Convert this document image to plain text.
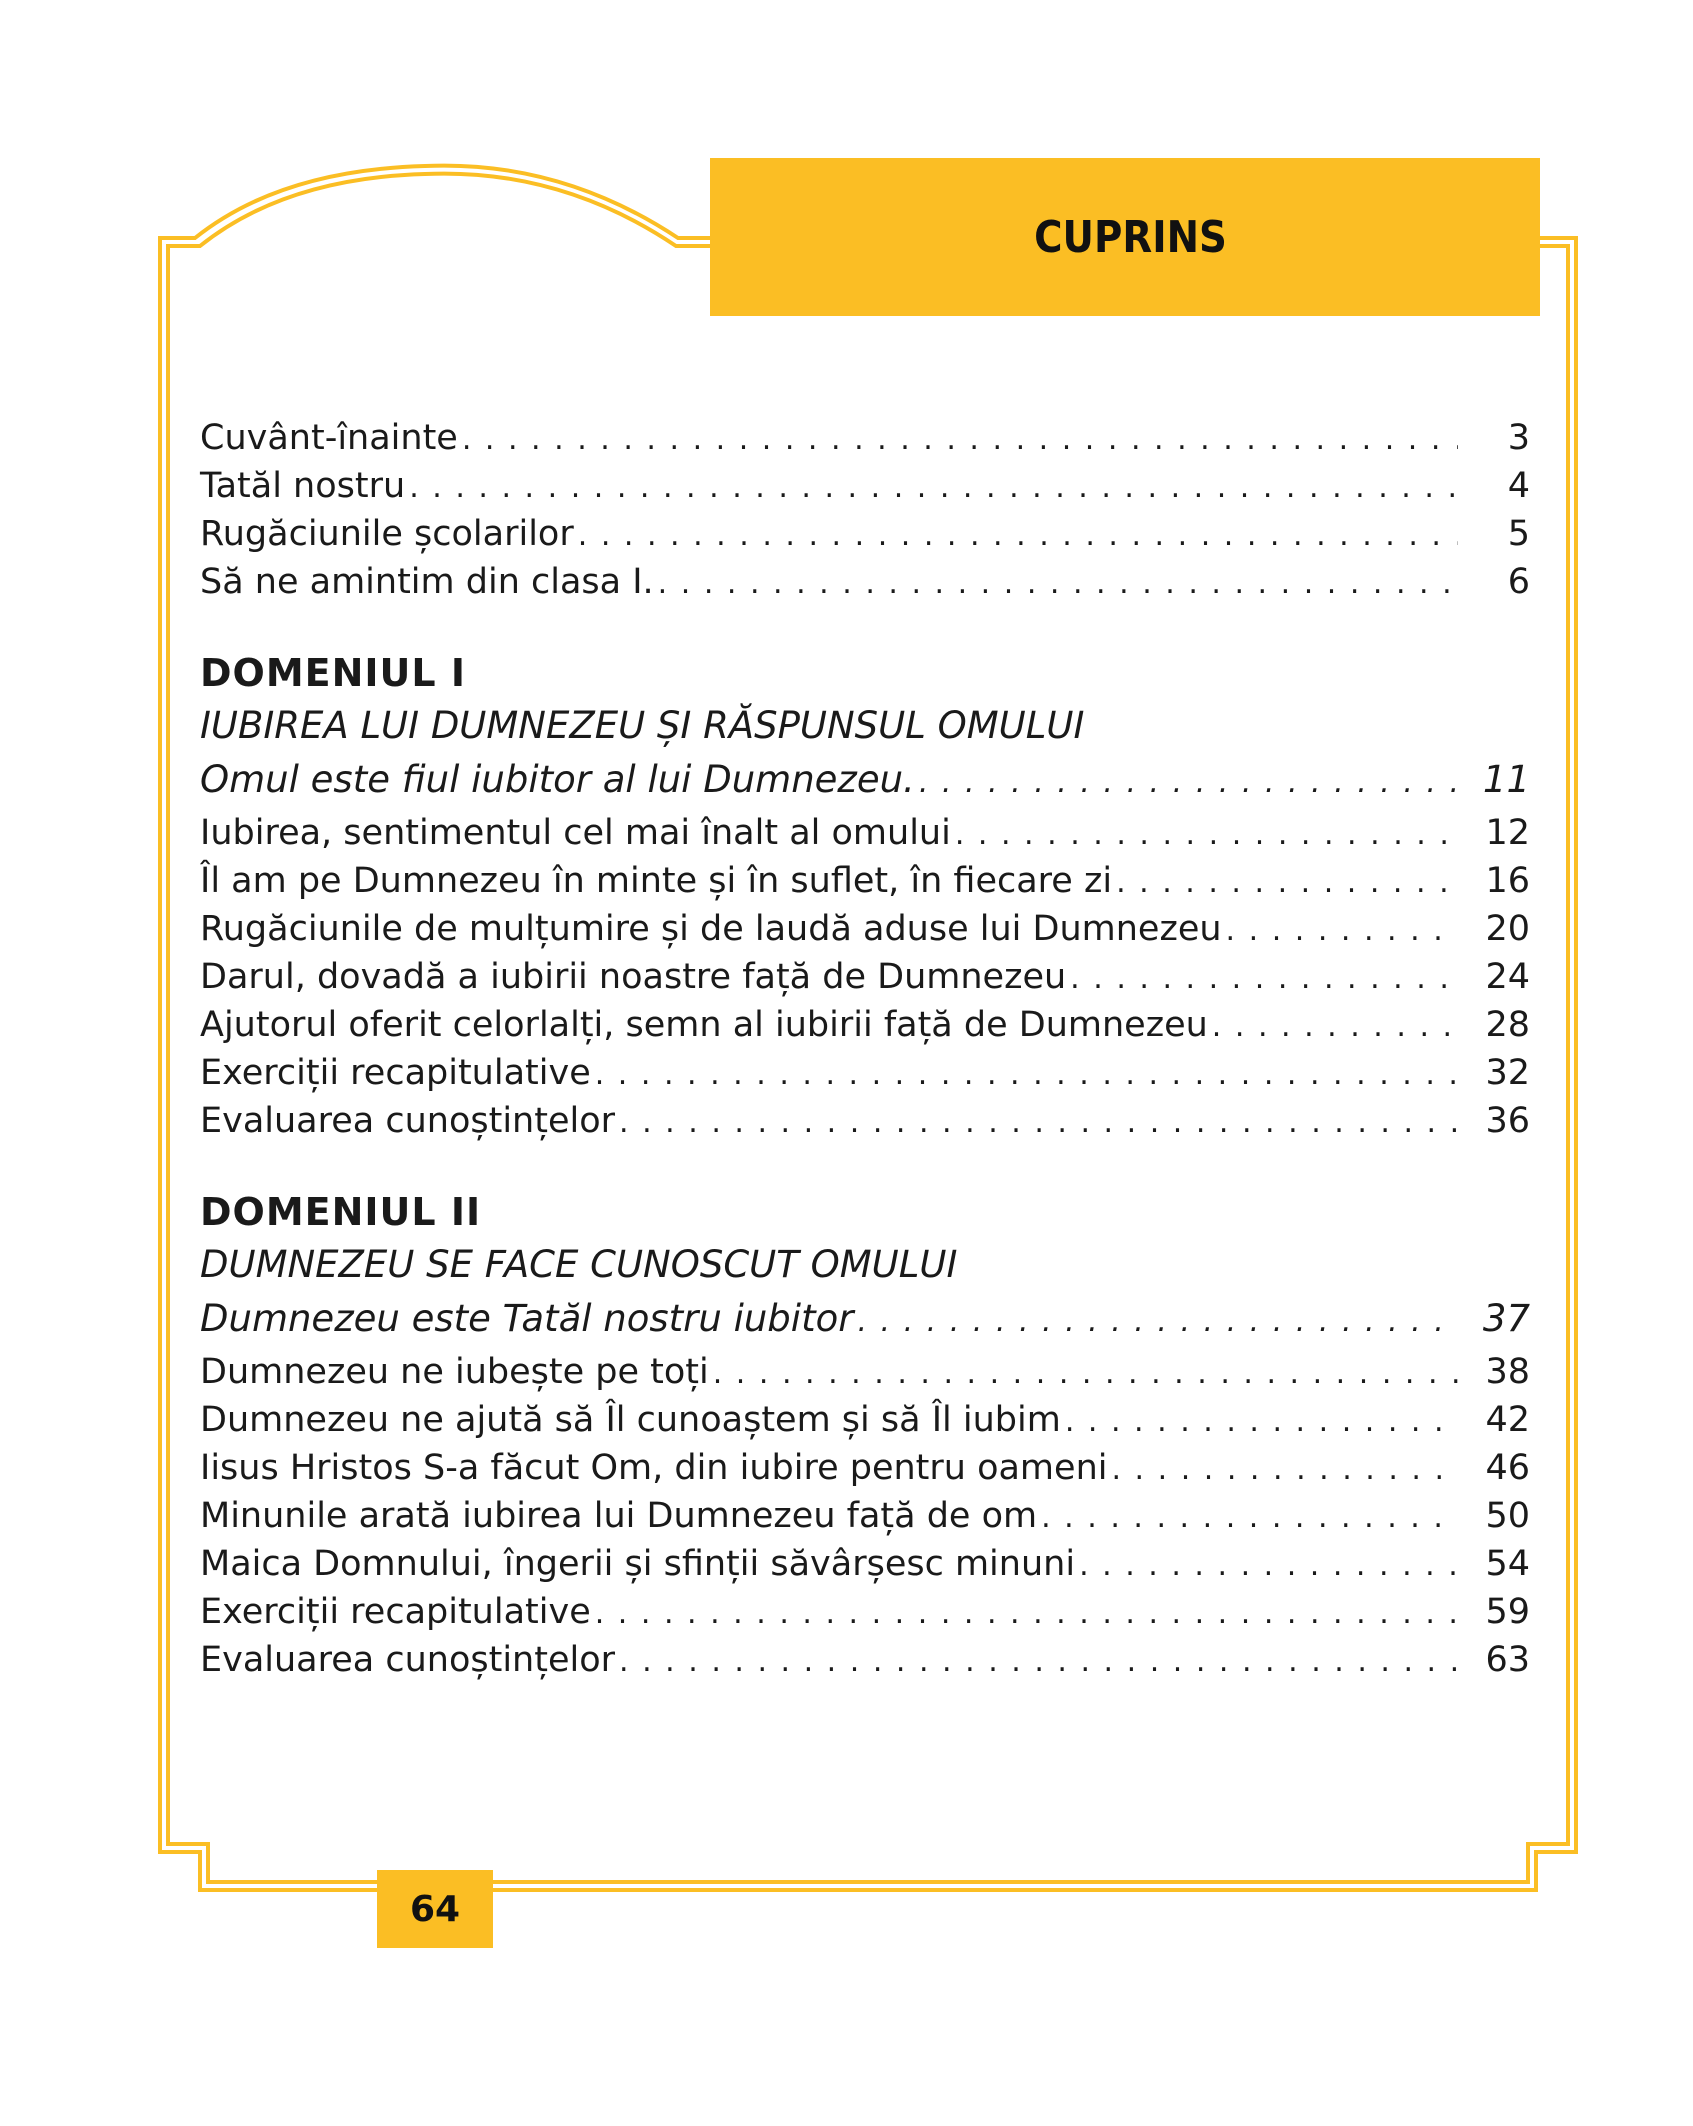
CUPRINS
Cuvânt-înainte . . .	3
Tatăl nostru . . .	4
Rugăciunile școlarilor . . .	5
Să ne amintim din clasa I. . . .	6
DOMENIUL I
IUBIREA LUI DUMNEZEU ȘI RĂSPUNSUL OMULUI
Omul este fiul iubitor al lui Dumnezeu. . . .	11
Iubirea, sentimentul cel mai înalt al omului . . .	12
Îl am pe Dumnezeu în minte și în suflet, în fiecare zi . . .	16
Rugăciunile de mulțumire și de laudă aduse lui Dumnezeu . . .	20
Darul, dovadă a iubirii noastre față de Dumnezeu . . .	24
Ajutorul oferit celorlalți, semn al iubirii față de Dumnezeu . . .	28
Exerciții recapitulative . . .	32
Evaluarea cunoștințelor . . .	36
DOMENIUL II
DUMNEZEU SE FACE CUNOSCUT OMULUI
Dumnezeu este Tatăl nostru iubitor . . .	37
Dumnezeu ne iubește pe toți . . .	38
Dumnezeu ne ajută să Îl cunoaștem și să Îl iubim . . .	42
Iisus Hristos S-a făcut Om, din iubire pentru oameni . . .	46
Minunile arată iubirea lui Dumnezeu față de om . . .	50
Maica Domnului, îngerii și sfinții săvârșesc minuni . . .	54
Exerciții recapitulative . . .	59
Evaluarea cunoștințelor . . .	63
64
